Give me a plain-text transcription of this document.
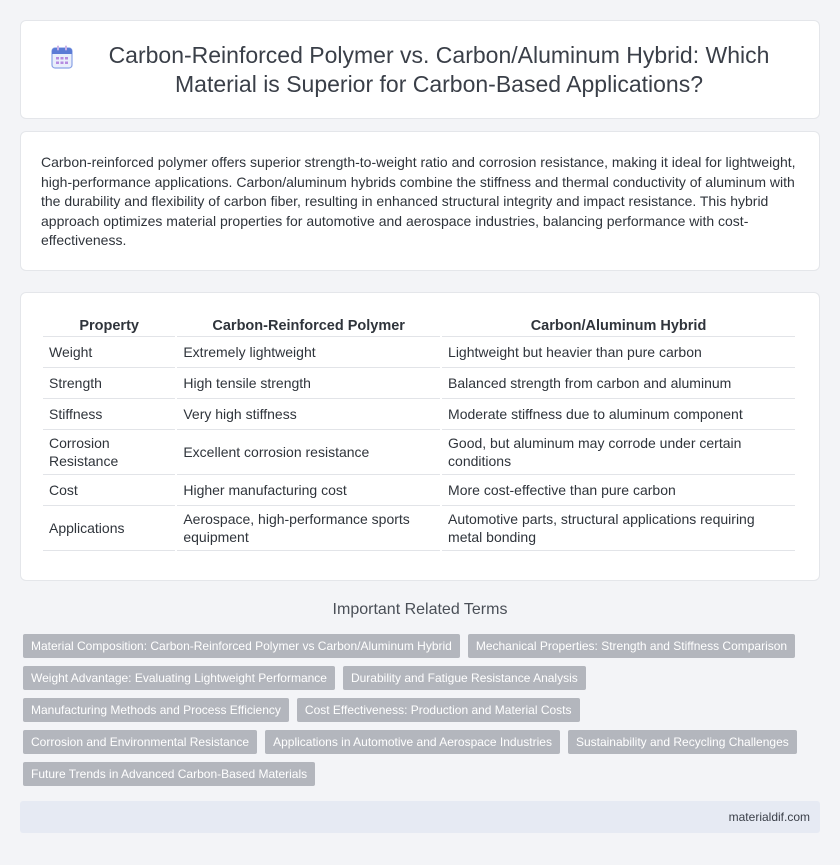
Carbon-Reinforced Polymer vs. Carbon/Aluminum Hybrid: Which Material is Superior for Carbon-Based Applications?

Carbon-reinforced polymer offers superior strength-to-weight ratio and corrosion resistance, making it ideal for lightweight, high-performance applications. Carbon/aluminum hybrids combine the stiffness and thermal conductivity of aluminum with the durability and flexibility of carbon fiber, resulting in enhanced structural integrity and impact resistance. This hybrid approach optimizes material properties for automotive and aerospace industries, balancing performance with cost-effectiveness.

Property	Carbon-Reinforced Polymer	Carbon/Aluminum Hybrid
Weight	Extremely lightweight	Lightweight but heavier than pure carbon
Strength	High tensile strength	Balanced strength from carbon and aluminum
Stiffness	Very high stiffness	Moderate stiffness due to aluminum component
Corrosion Resistance	Excellent corrosion resistance	Good, but aluminum may corrode under certain conditions
Cost	Higher manufacturing cost	More cost-effective than pure carbon
Applications	Aerospace, high-performance sports equipment	Automotive parts, structural applications requiring metal bonding
Important Related Terms
Material Composition: Carbon-Reinforced Polymer vs Carbon/Aluminum Hybrid	Mechanical Properties: Strength and Stiffness Comparison
Weight Advantage: Evaluating Lightweight Performance	Durability and Fatigue Resistance Analysis
Manufacturing Methods and Process Efficiency	Cost Effectiveness: Production and Material Costs
Corrosion and Environmental Resistance	Applications in Automotive and Aerospace Industries	Sustainability and Recycling Challenges
Future Trends in Advanced Carbon-Based Materials
materialdif.com
